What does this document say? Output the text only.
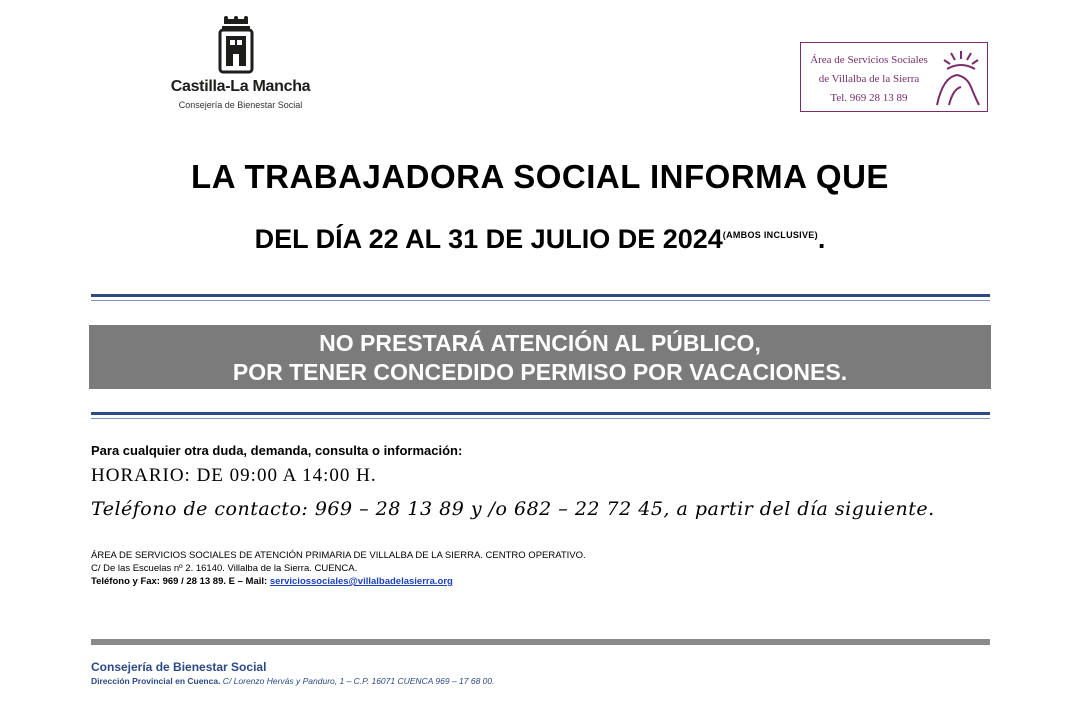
Castilla-La Mancha
Consejería de Bienestar Social
Área de Servicios Sociales
de Villalba de la Sierra
Tel. 969 28 13 89
LA TRABAJADORA SOCIAL INFORMA QUE
DEL DÍA 22 AL 31 DE JULIO DE $2024^{(AMBOS INCLUSIVE)}$.
NO PRESTARÁ ATENCIÓN AL PÚBLICO,
POR TENER CONCEDIDO PERMISO POR VACACIONES.
Para cualquier otra duda, demanda, consulta o información:
HORARIO: DE 09:00 A 14:00 H.
Teléfono de contacto: 969 – 28 13 89 y /o 682 – 22 72 45, a partir del día siguiente.
ÁREA DE SERVICIOS SOCIALES DE ATENCIÓN PRIMARIA DE VILLALBA DE LA SIERRA. CENTRO OPERATIVO.
C/ De las Escuelas nº 2. 16140. Villalba de la Sierra. CUENCA.
Teléfono y Fax: 969 / 28 13 89. E – Mail: serviciossociales@villalbadelasierra.org
Consejería de Bienestar Social
Dirección Provincial en Cuenca. C/ Lorenzo Hervás y Panduro, 1 – C.P. 16071 CUENCA 969 – 17 68 00.
